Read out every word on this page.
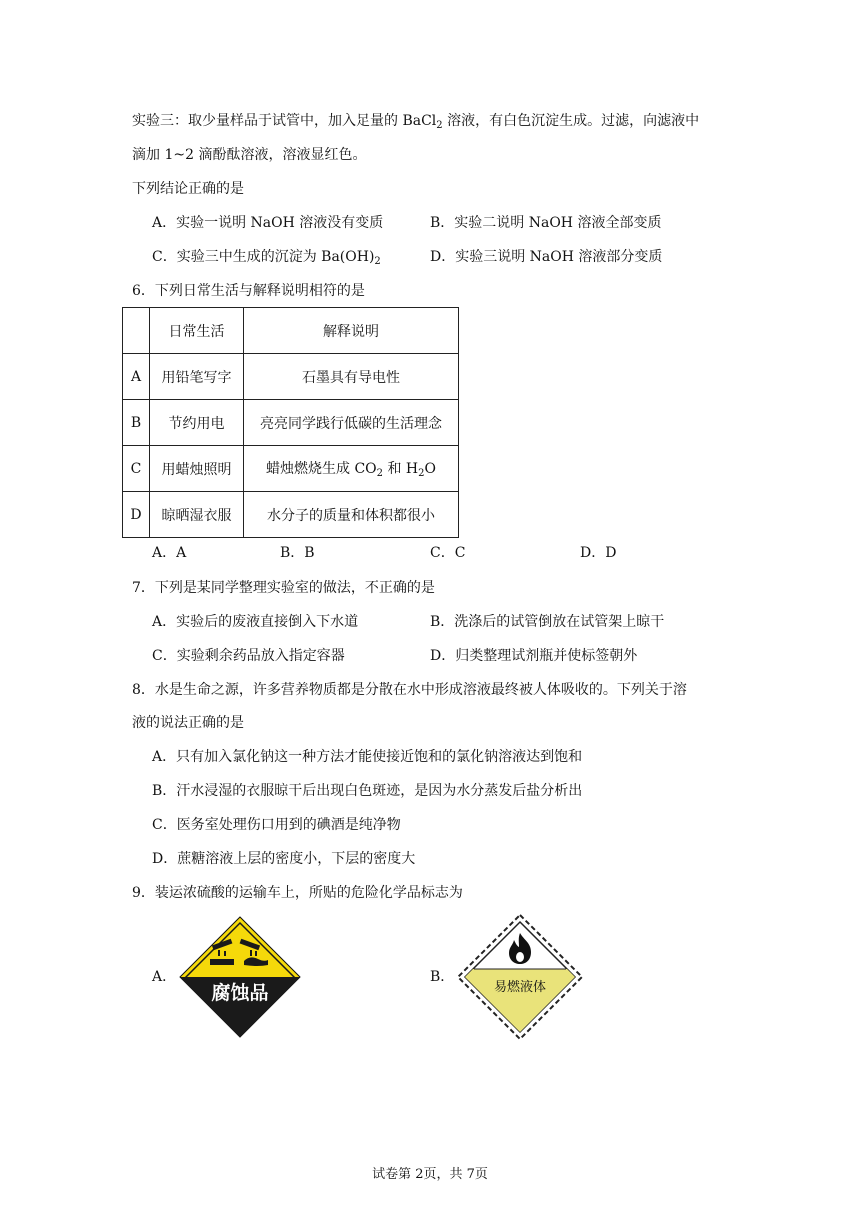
实验三：取少量样品于试管中，加入足量的 BaCl$_2$ 溶液，有白色沉淀生成。过滤，向滤液中
滴加 1~2 滴酚酞溶液，溶液显红色。
下列结论正确的是
A．实验一说明 NaOH 溶液没有变质	B．实验二说明 NaOH 溶液全部变质
C．实验三中生成的沉淀为 $Ba(OH)_2$	D．实验三说明 NaOH 溶液部分变质
6．下列日常生活与解释说明相符的是
	日常生活	解释说明
A	用铅笔写字	石墨具有导电性
B	节约用电	亮亮同学践行低碳的生活理念
C	用蜡烛照明	蜡烛燃烧生成 $CO_2$ 和 $H_2O$
D	晾晒湿衣服	水分子的质量和体积都很小
A．A	B．B	C．C	D．D
7．下列是某同学整理实验室的做法，不正确的是
A．实验后的废液直接倒入下水道	B．洗涤后的试管倒放在试管架上晾干
C．实验剩余药品放入指定容器	D．归类整理试剂瓶并使标签朝外
8．水是生命之源，许多营养物质都是分散在水中形成溶液最终被人体吸收的。下列关于溶
液的说法正确的是
A．只有加入氯化钠这一种方法才能使接近饱和的氯化钠溶液达到饱和
B．汗水浸湿的衣服晾干后出现白色斑迹，是因为水分蒸发后盐分析出
C．医务室处理伤口用到的碘酒是纯净物
D．蔗糖溶液上层的密度小，下层的密度大
9．装运浓硫酸的运输车上，所贴的危险化学品标志为
A．	B．
腐蚀品	易燃液体
试卷第 2页，共 7页
